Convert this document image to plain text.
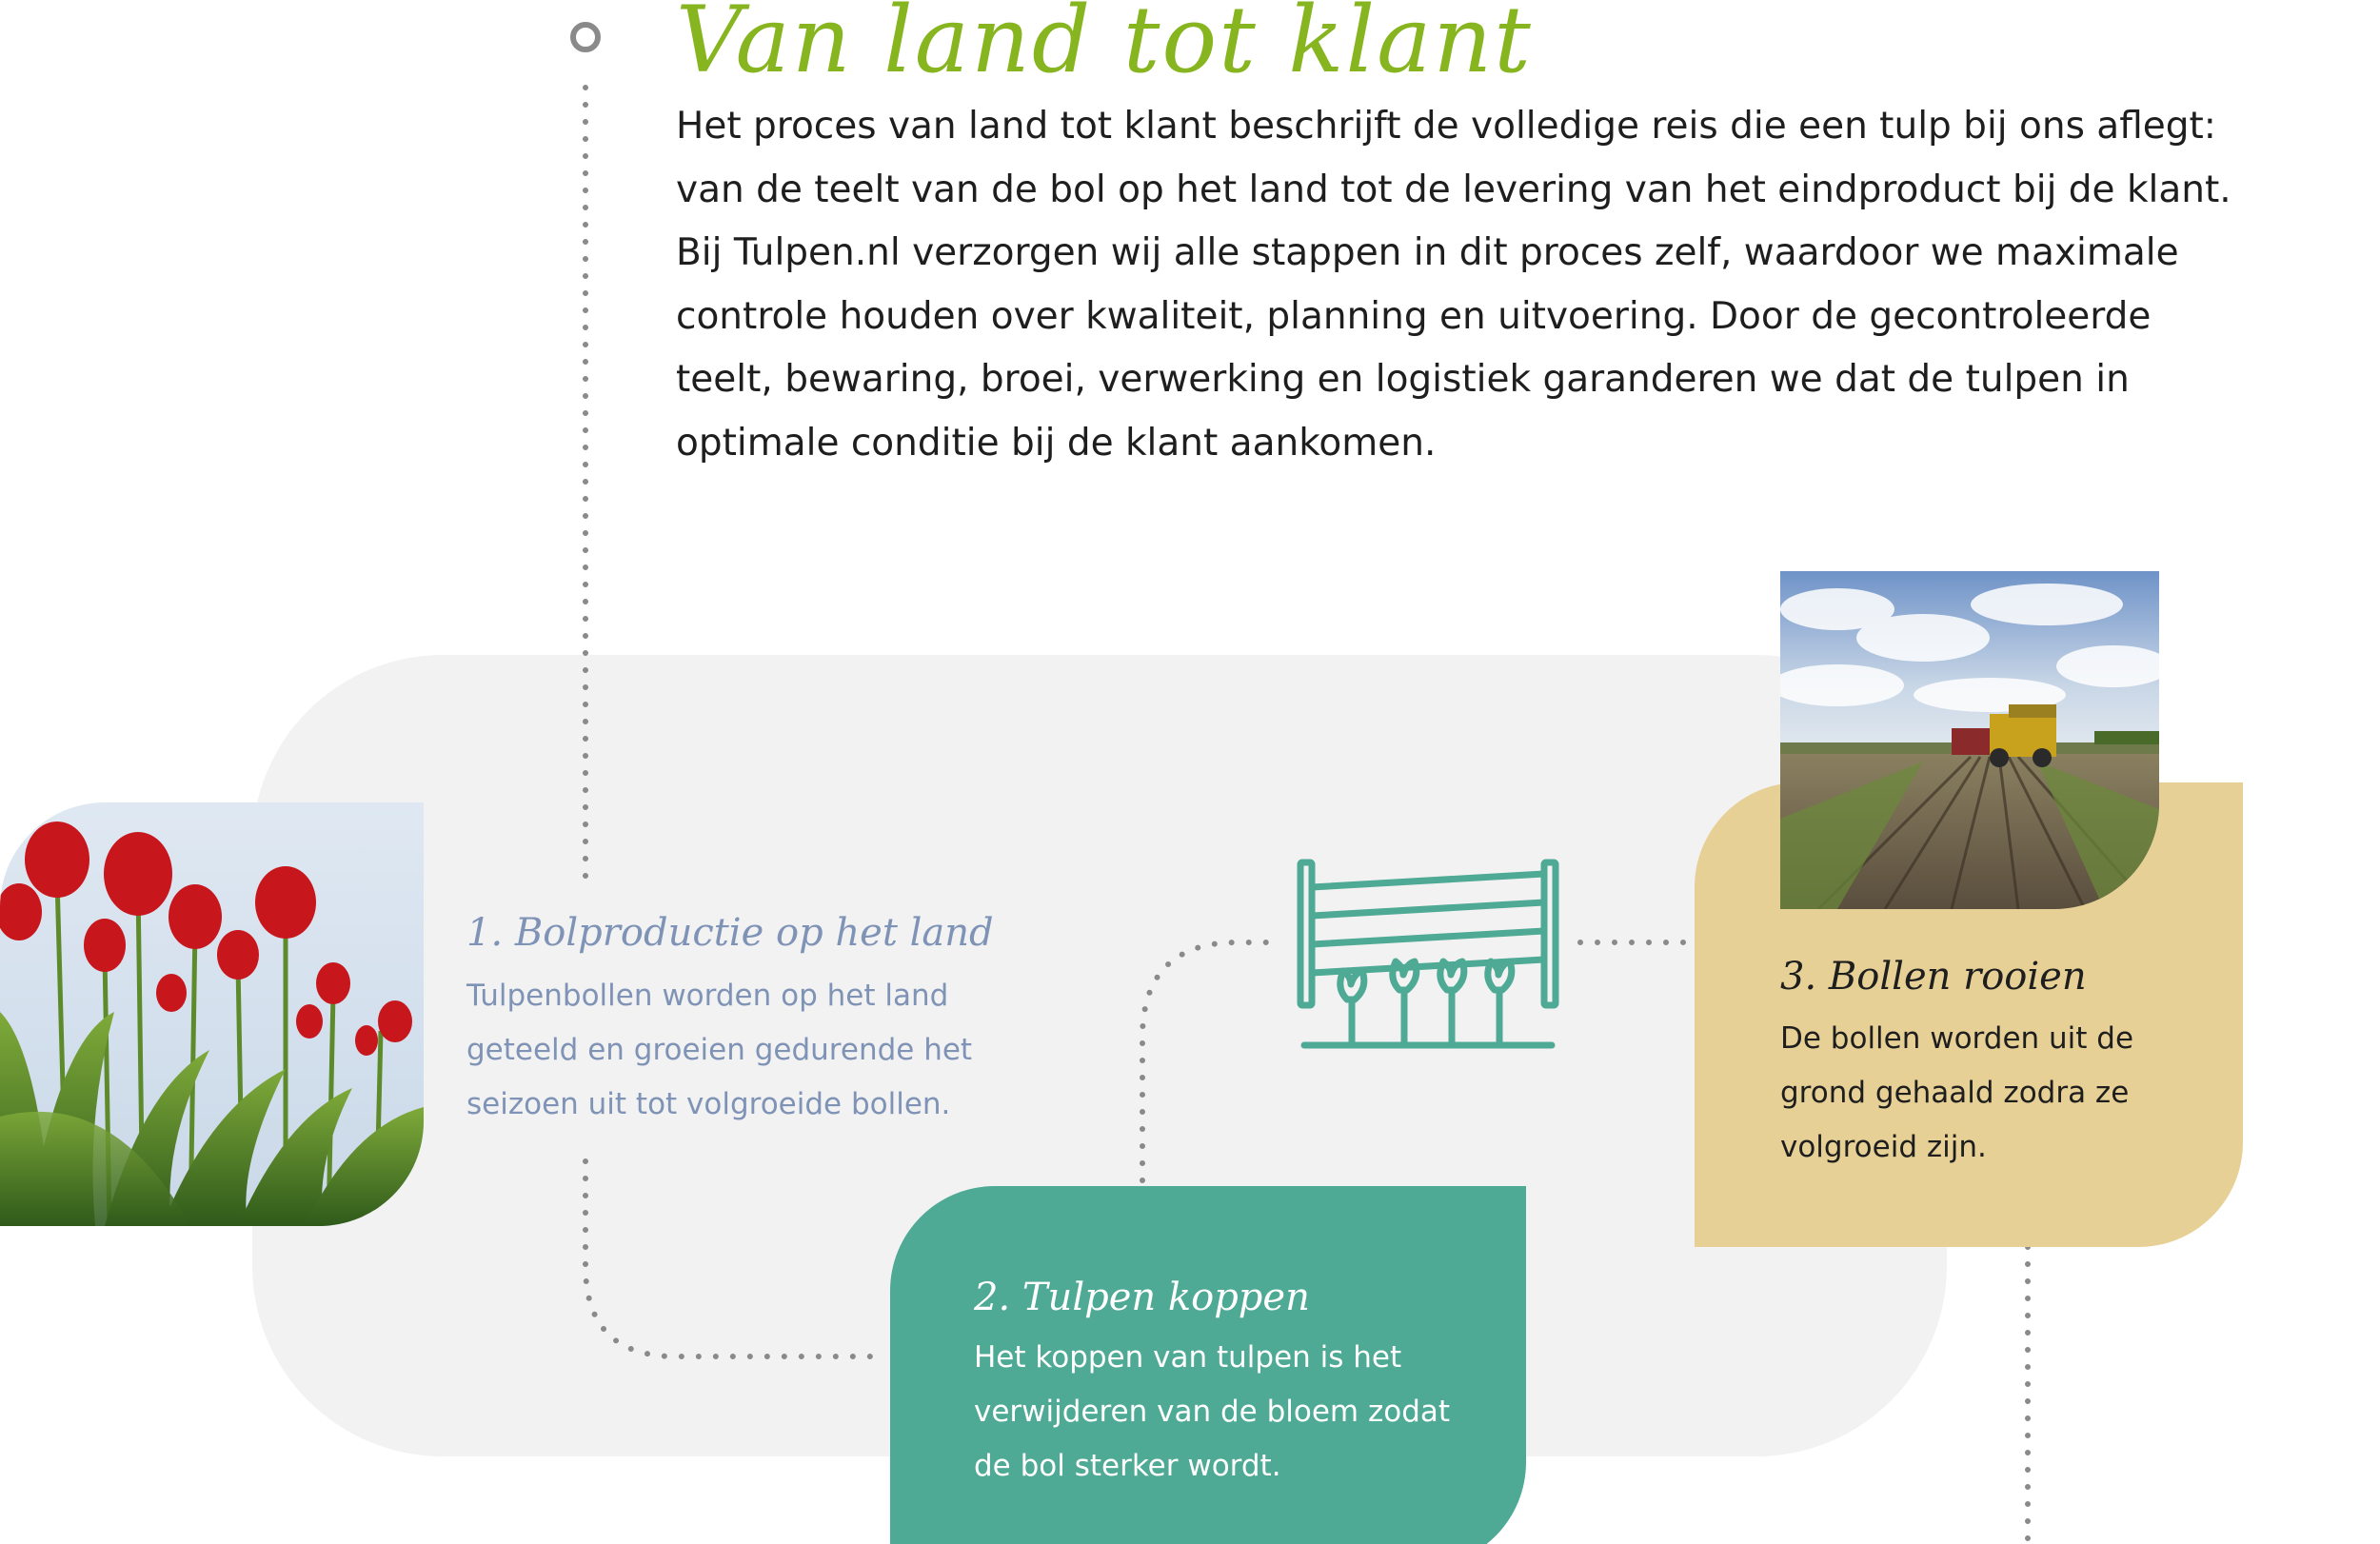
Van land tot klant
Het proces van land tot klant beschrijft de volledige reis die een tulp bij ons aflegt: van de teelt van de bol op het land tot de levering van het eindproduct bij de klant. Bij Tulpen.nl verzorgen wij alle stappen in dit proces zelf, waardoor we maximale controle houden over kwaliteit, planning en uitvoering. Door de gecontroleerde teelt, bewaring, broei, verwerking en logistiek garanderen we dat de tulpen in optimale conditie bij de klant aankomen.
1. Bolproductie op het land
Tulpenbollen worden op het land geteeld en groeien gedurende het seizoen uit tot volgroeide bollen.
2. Tulpen koppen
Het koppen van tulpen is het verwijderen van de bloem zodat de bol sterker wordt.
3. Bollen rooien
De bollen worden uit de grond gehaald zodra ze volgroeid zijn.
